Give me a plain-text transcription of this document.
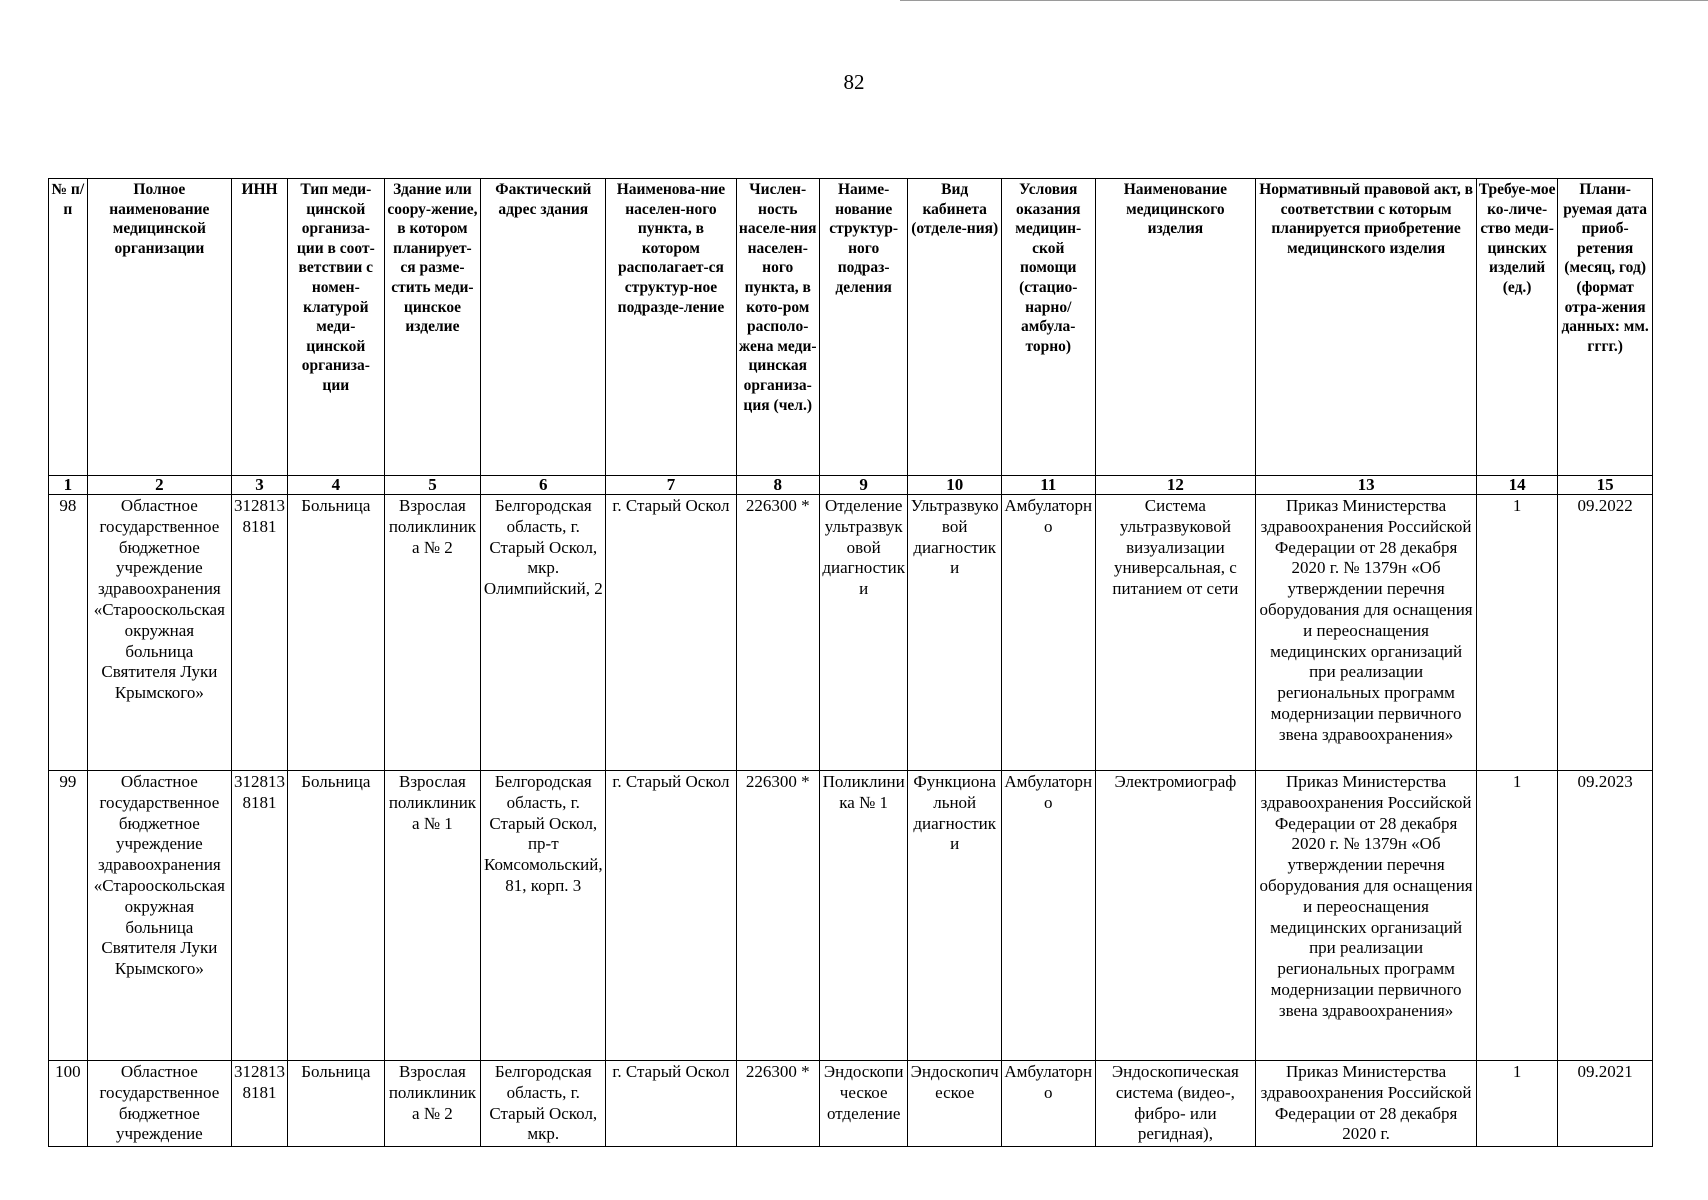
82
№ п/п	Полное наименование медицинской организации	ИНН	Тип меди-цинской организа-ции в соот-ветствии с номен-клатурой меди-цинской организа-ции	Здание или соору-жение, в котором планирует-ся разме-стить меди-цинское изделие	Фактический адрес здания	Наименова-ние населен-ного пункта, в котором располагает-ся структур-ное подразде-ление	Числен-ность населе-ния населен-ного пункта, в кото-ром располо-жена меди-цинская организа-ция (чел.)	Наиме-нование структур-ного подраз-деления	Вид кабинета (отделе-ния)	Условия оказания медицин-ской помощи (стацио-нарно/ амбула-торно)	Наименование медицинского изделия	Нормативный правовой акт, в соответствии с которым планируется приобретение медицинского изделия	Требуе-мое ко-личе-ство меди-цинских изделий (ед.)	Плани-руемая дата приоб-ретения (месяц, год) (формат отра-жения данных: мм. гггг.)
1	2	3	4	5	6	7	8	9	10	11	12	13	14	15
98	Областное государственное бюджетное учреждение здравоохранения «Старооскольская окружная больница Святителя Луки Крымского»	3128138181	Больница	Взрослая поликлиника № 2	Белгородская область, г. Старый Оскол, мкр. Олимпийский, 2	г. Старый Оскол	226300 *	Отделение ультразвуковой диагностики	Ультразвуковой диагностики	Амбулаторно	Система ультразвуковой визуализации универсальная, с питанием от сети	Приказ Министерства здравоохранения Российской Федерации от 28 декабря 2020 г. № 1379н «Об утверждении перечня оборудования для оснащения и переоснащения медицинских организаций при реализации региональных программ модернизации первичного звена здравоохранения»	1	09.2022
99	Областное государственное бюджетное учреждение здравоохранения «Старооскольская окружная больница Святителя Луки Крымского»	3128138181	Больница	Взрослая поликлиника № 1	Белгородская область, г. Старый Оскол, пр-т Комсомольский, 81, корп. 3	г. Старый Оскол	226300 *	Поликлиника № 1	Функциональной диагностики	Амбулаторно	Электромиограф	Приказ Министерства здравоохранения Российской Федерации от 28 декабря 2020 г. № 1379н «Об утверждении перечня оборудования для оснащения и переоснащения медицинских организаций при реализации региональных программ модернизации первичного звена здравоохранения»	1	09.2023
100	Областное государственное бюджетное учреждение	3128138181	Больница	Взрослая поликлиника № 2	Белгородская область, г. Старый Оскол, мкр.	г. Старый Оскол	226300 *	Эндоскопическое отделение	Эндоскопическое	Амбулаторно	Эндоскопическая система (видео-, фибро- или регидная),	Приказ Министерства здравоохранения Российской Федерации от 28 декабря 2020 г.	1	09.2021
